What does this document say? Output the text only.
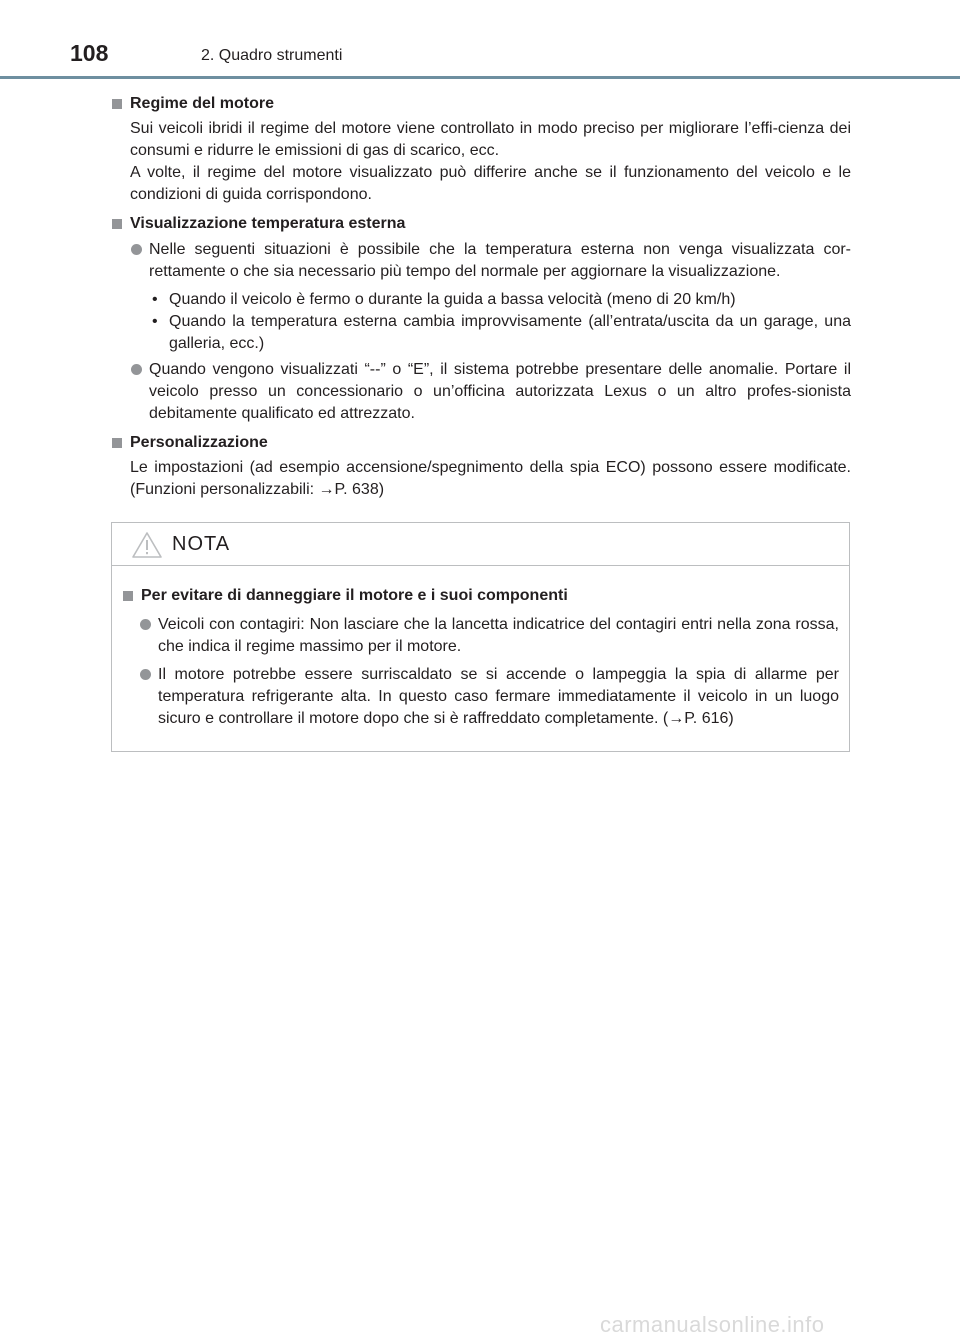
108	2. Quadro strumenti
Regime del motore
Sui veicoli ibridi il regime del motore viene controllato in modo preciso per migliorare l’effi-cienza dei consumi e ridurre le emissioni di gas di scarico, ecc.
A volte, il regime del motore visualizzato può differire anche se il funzionamento del veicolo e le condizioni di guida corrispondono.
Visualizzazione temperatura esterna
Nelle seguenti situazioni è possibile che la temperatura esterna non venga visualizzata cor-rettamente o che sia necessario più tempo del normale per aggiornare la visualizzazione.
• Quando il veicolo è fermo o durante la guida a bassa velocità (meno di 20 km/h)
• Quando la temperatura esterna cambia improvvisamente (all’entrata/uscita da un garage, una galleria, ecc.)
Quando vengono visualizzati “--” o “E”, il sistema potrebbe presentare delle anomalie. Portare il veicolo presso un concessionario o un’officina autorizzata Lexus o un altro profes-sionista debitamente qualificato ed attrezzato.
Personalizzazione
Le impostazioni (ad esempio accensione/spegnimento della spia ECO) possono essere modificate. (Funzioni personalizzabili: →P. 638)
NOTA
Per evitare di danneggiare il motore e i suoi componenti
Veicoli con contagiri: Non lasciare che la lancetta indicatrice del contagiri entri nella zona rossa, che indica il regime massimo per il motore.
Il motore potrebbe essere surriscaldato se si accende o lampeggia la spia di allarme per temperatura refrigerante alta. In questo caso fermare immediatamente il veicolo in un luogo sicuro e controllare il motore dopo che si è raffreddato completamente. (→P. 616)
carmanualsonline.info
